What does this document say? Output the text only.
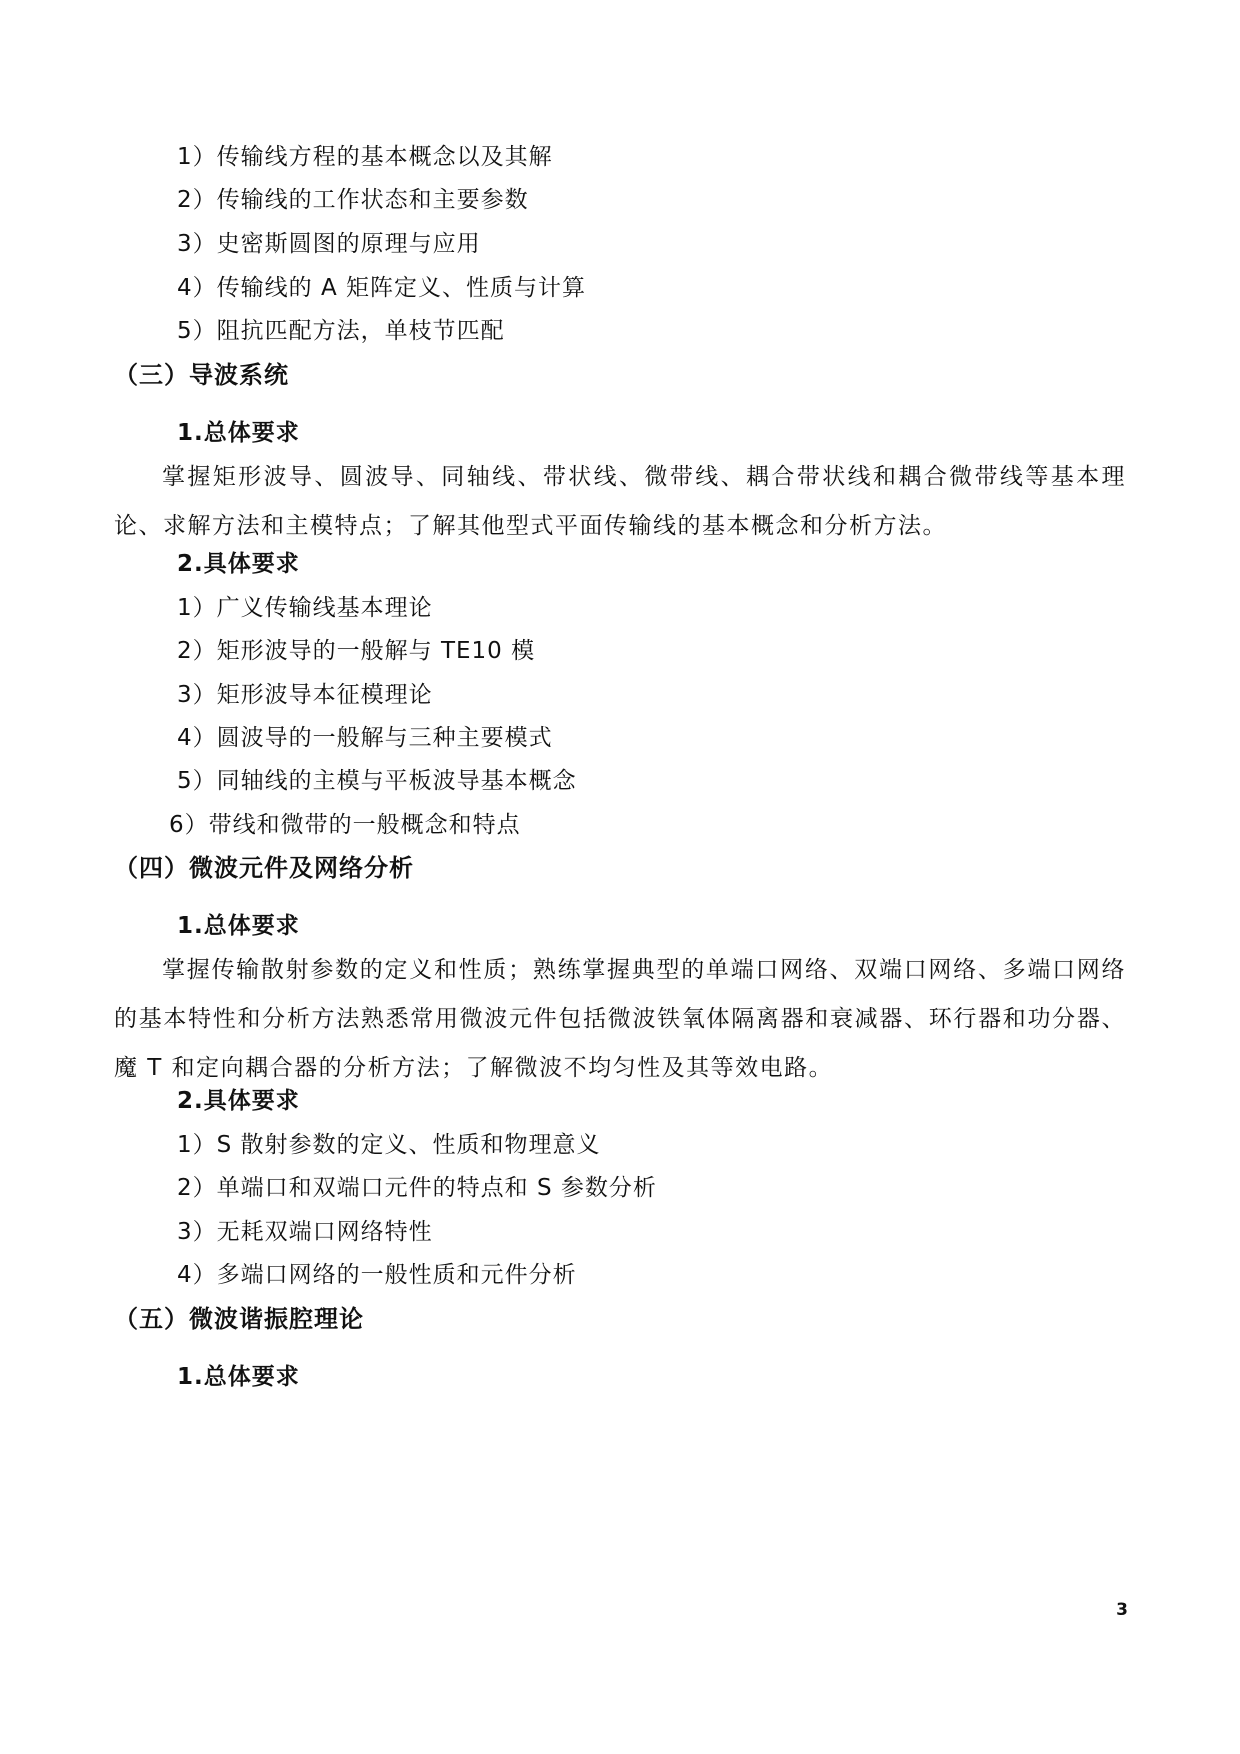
1）传输线方程的基本概念以及其解
2）传输线的工作状态和主要参数
3）史密斯圆图的原理与应用
4）传输线的 A 矩阵定义、性质与计算
5）阻抗匹配方法，单枝节匹配
（三）导波系统
1.总体要求
掌握矩形波导、圆波导、同轴线、带状线、微带线、耦合带状线和耦合微带线等基本理论、求解方法和主模特点；了解其他型式平面传输线的基本概念和分析方法。
2.具体要求
1）广义传输线基本理论
2）矩形波导的一般解与 TE10 模
3）矩形波导本征模理论
4）圆波导的一般解与三种主要模式
5）同轴线的主模与平板波导基本概念
6）带线和微带的一般概念和特点
（四）微波元件及网络分析
1.总体要求
掌握传输散射参数的定义和性质；熟练掌握典型的单端口网络、双端口网络、多端口网络的基本特性和分析方法熟悉常用微波元件包括微波铁氧体隔离器和衰减器、环行器和功分器、魔 T 和定向耦合器的分析方法；了解微波不均匀性及其等效电路。
2.具体要求
1）S 散射参数的定义、性质和物理意义
2）单端口和双端口元件的特点和 S 参数分析
3）无耗双端口网络特性
4）多端口网络的一般性质和元件分析
（五）微波谐振腔理论
1.总体要求
3
